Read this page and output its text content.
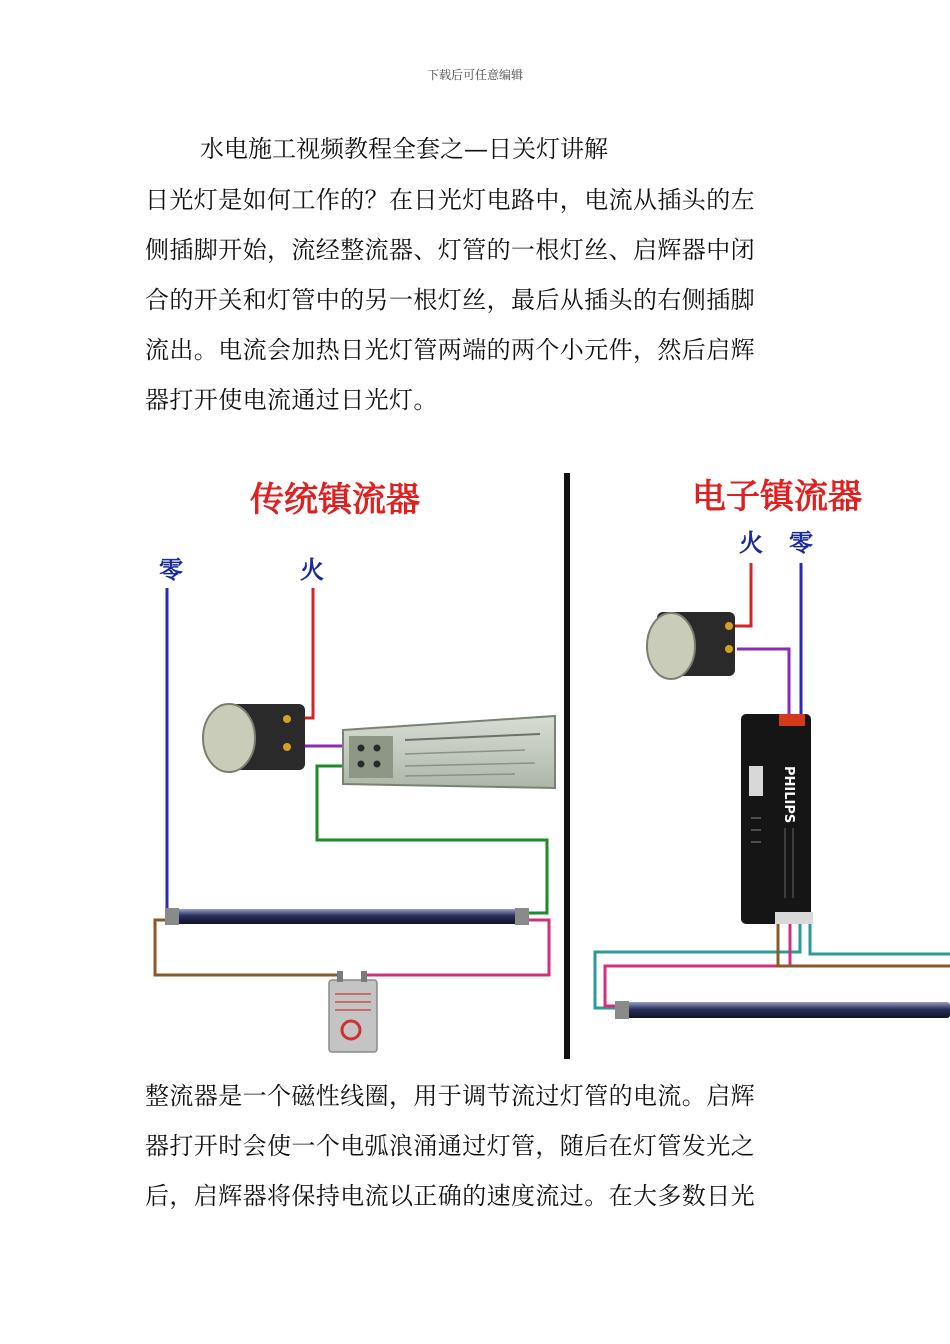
下载后可任意编辑
水电施工视频教程全套之—日关灯讲解
日光灯是如何工作的？在日光灯电路中，电流从插头的左
侧插脚开始，流经整流器、灯管的一根灯丝、启辉器中闭
合的开关和灯管中的另一根灯丝，最后从插头的右侧插脚
流出。电流会加热日光灯管两端的两个小元件，然后启辉
器打开使电流通过日光灯。
传统镇流器
零	火
电子镇流器
火 零
PHILIPS
整流器是一个磁性线圈，用于调节流过灯管的电流。启辉
器打开时会使一个电弧浪涌通过灯管，随后在灯管发光之
后，启辉器将保持电流以正确的速度流过。在大多数日光
